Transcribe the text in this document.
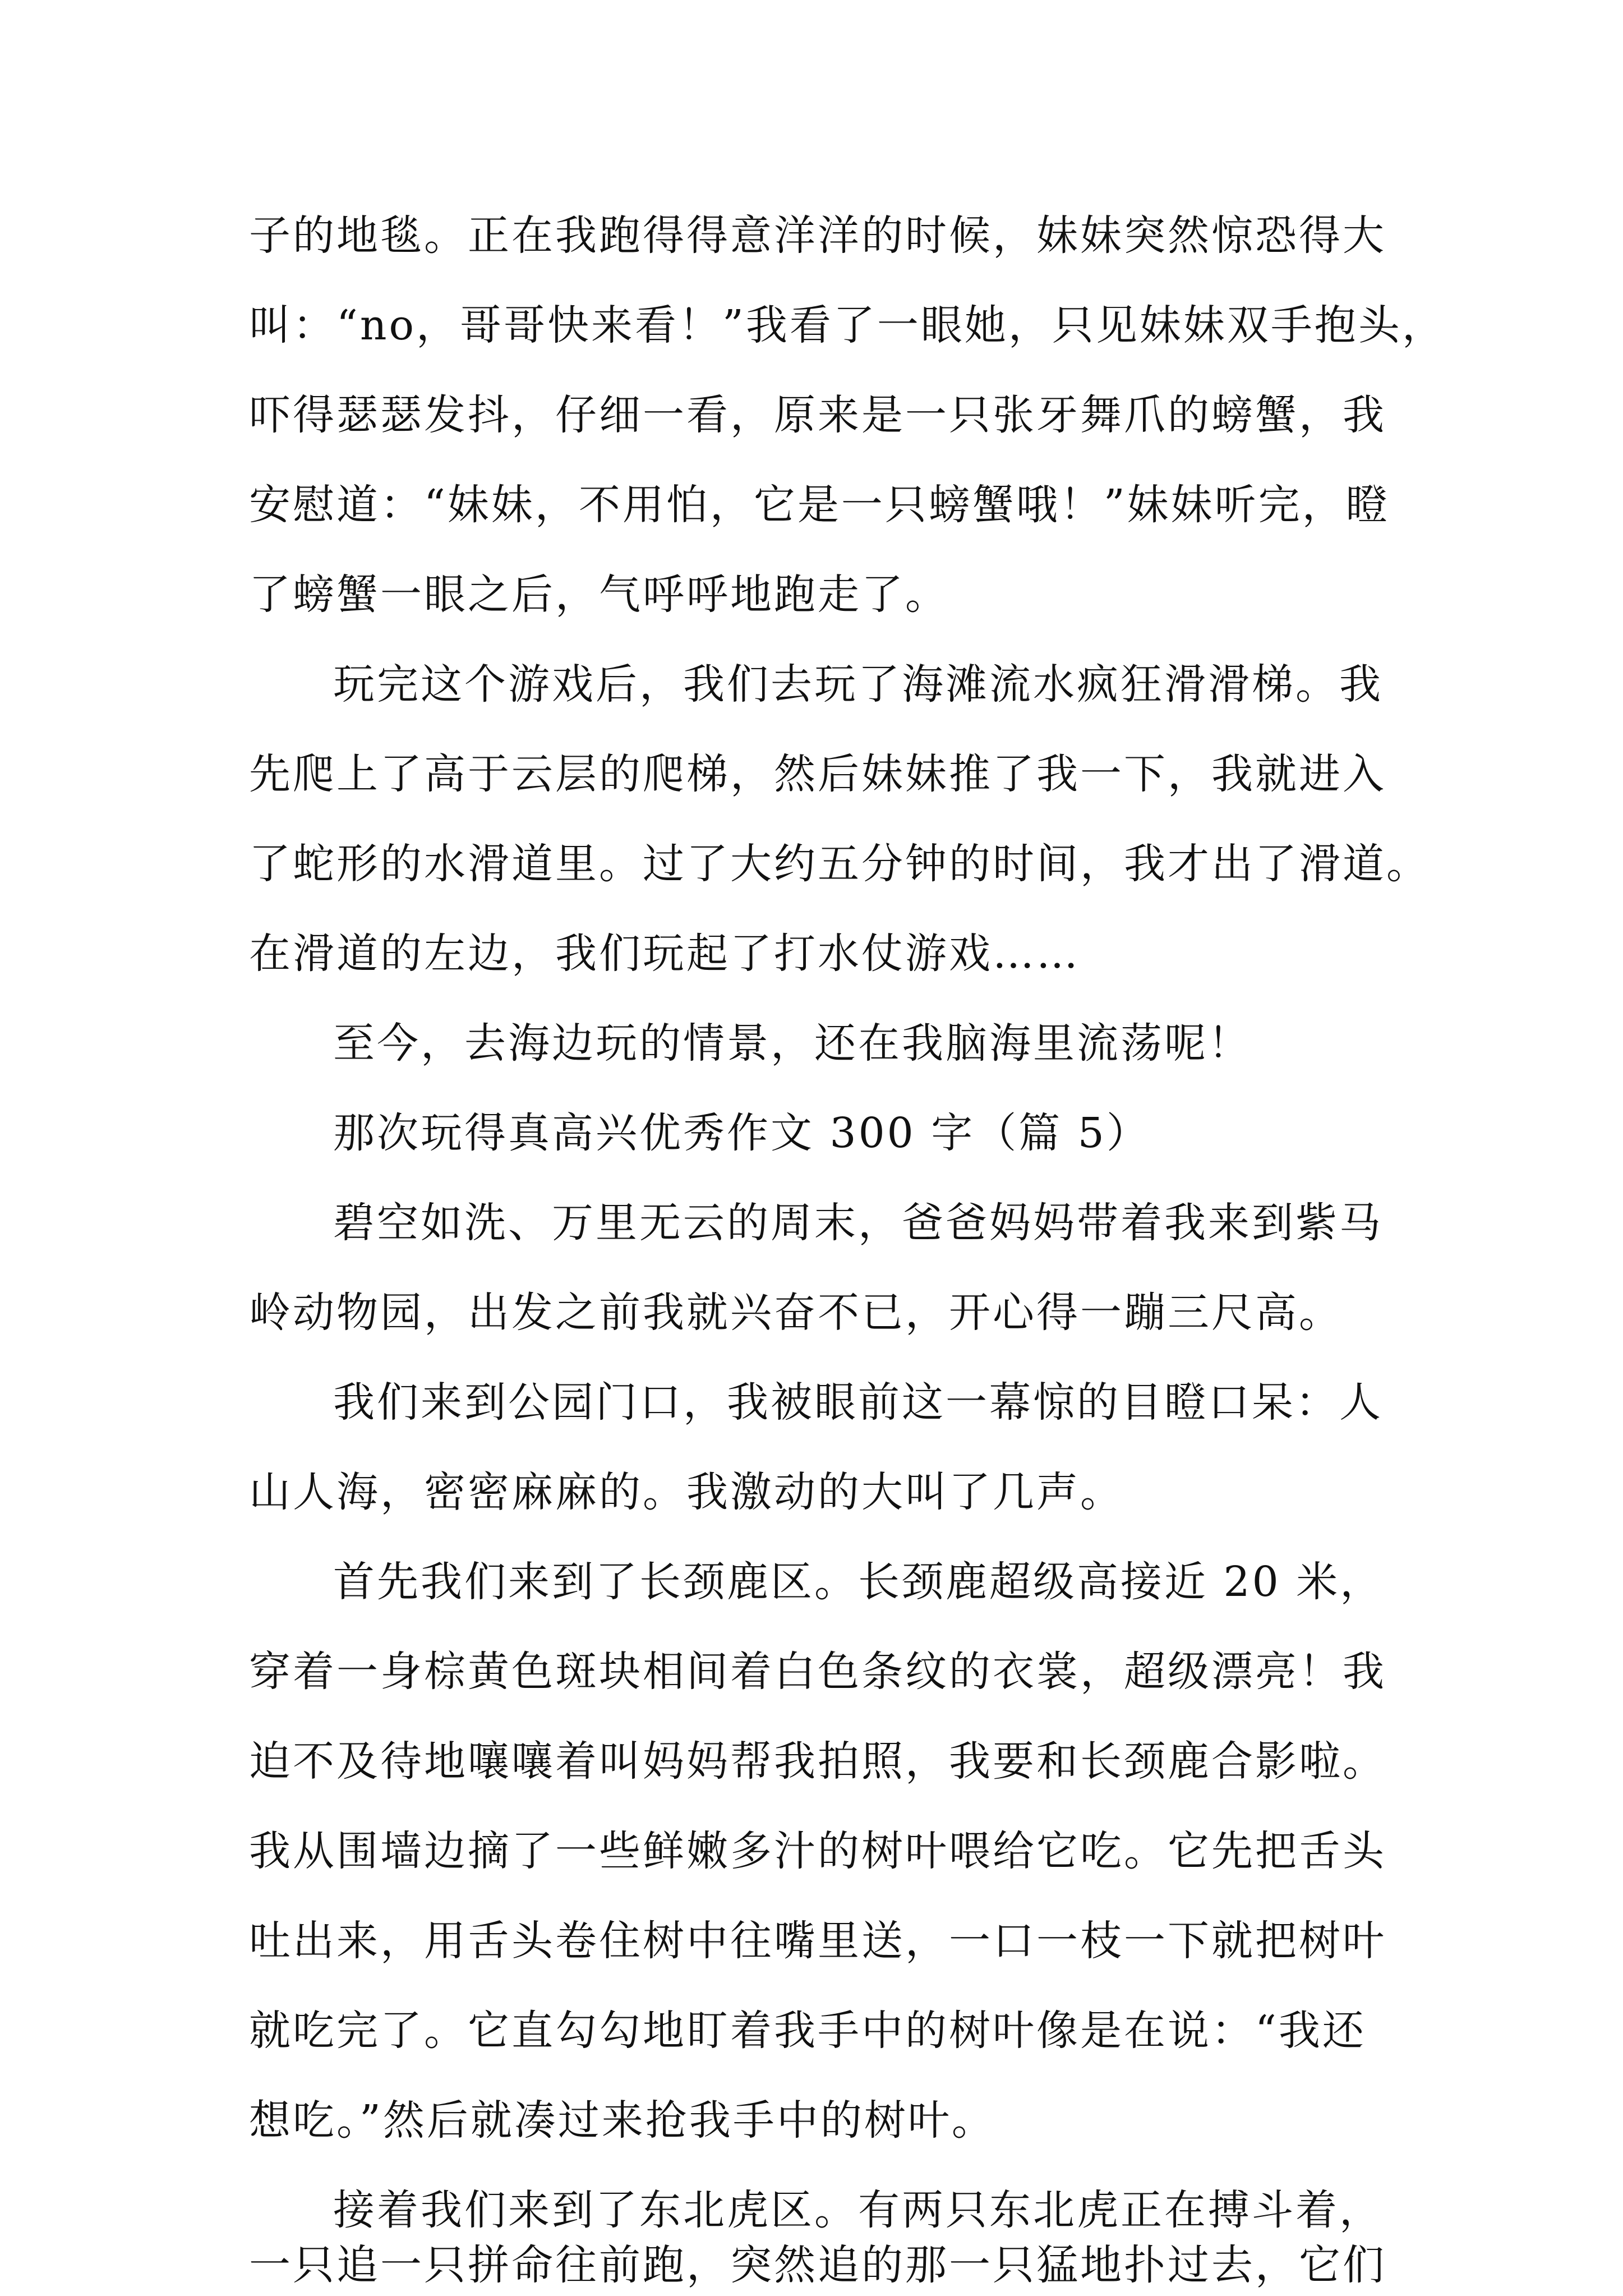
子的地毯。正在我跑得得意洋洋的时候，妹妹突然惊恐得大
叫：“no，哥哥快来看！”我看了一眼她，只见妹妹双手抱头，
吓得瑟瑟发抖，仔细一看，原来是一只张牙舞爪的螃蟹，我
安慰道：“妹妹，不用怕，它是一只螃蟹哦！”妹妹听完，瞪
了螃蟹一眼之后，气呼呼地跑走了。
玩完这个游戏后，我们去玩了海滩流水疯狂滑滑梯。我
先爬上了高于云层的爬梯，然后妹妹推了我一下，我就进入
了蛇形的水滑道里。过了大约五分钟的时间，我才出了滑道。
在滑道的左边，我们玩起了打水仗游戏……
至今，去海边玩的情景，还在我脑海里流荡呢！
那次玩得真高兴优秀作文 300 字（篇 5）
碧空如洗、万里无云的周末，爸爸妈妈带着我来到紫马
岭动物园，出发之前我就兴奋不已，开心得一蹦三尺高。
我们来到公园门口，我被眼前这一幕惊的目瞪口呆：人
山人海，密密麻麻的。我激动的大叫了几声。
首先我们来到了长颈鹿区。长颈鹿超级高接近 20 米，
穿着一身棕黄色斑块相间着白色条纹的衣裳，超级漂亮！我
迫不及待地嚷嚷着叫妈妈帮我拍照，我要和长颈鹿合影啦。
我从围墙边摘了一些鲜嫩多汁的树叶喂给它吃。它先把舌头
吐出来，用舌头卷住树中往嘴里送，一口一枝一下就把树叶
就吃完了。它直勾勾地盯着我手中的树叶像是在说：“我还
想吃。”然后就凑过来抢我手中的树叶。
接着我们来到了东北虎区。有两只东北虎正在搏斗着，
一只追一只拼命往前跑，突然追的那一只猛地扑过去，它们
